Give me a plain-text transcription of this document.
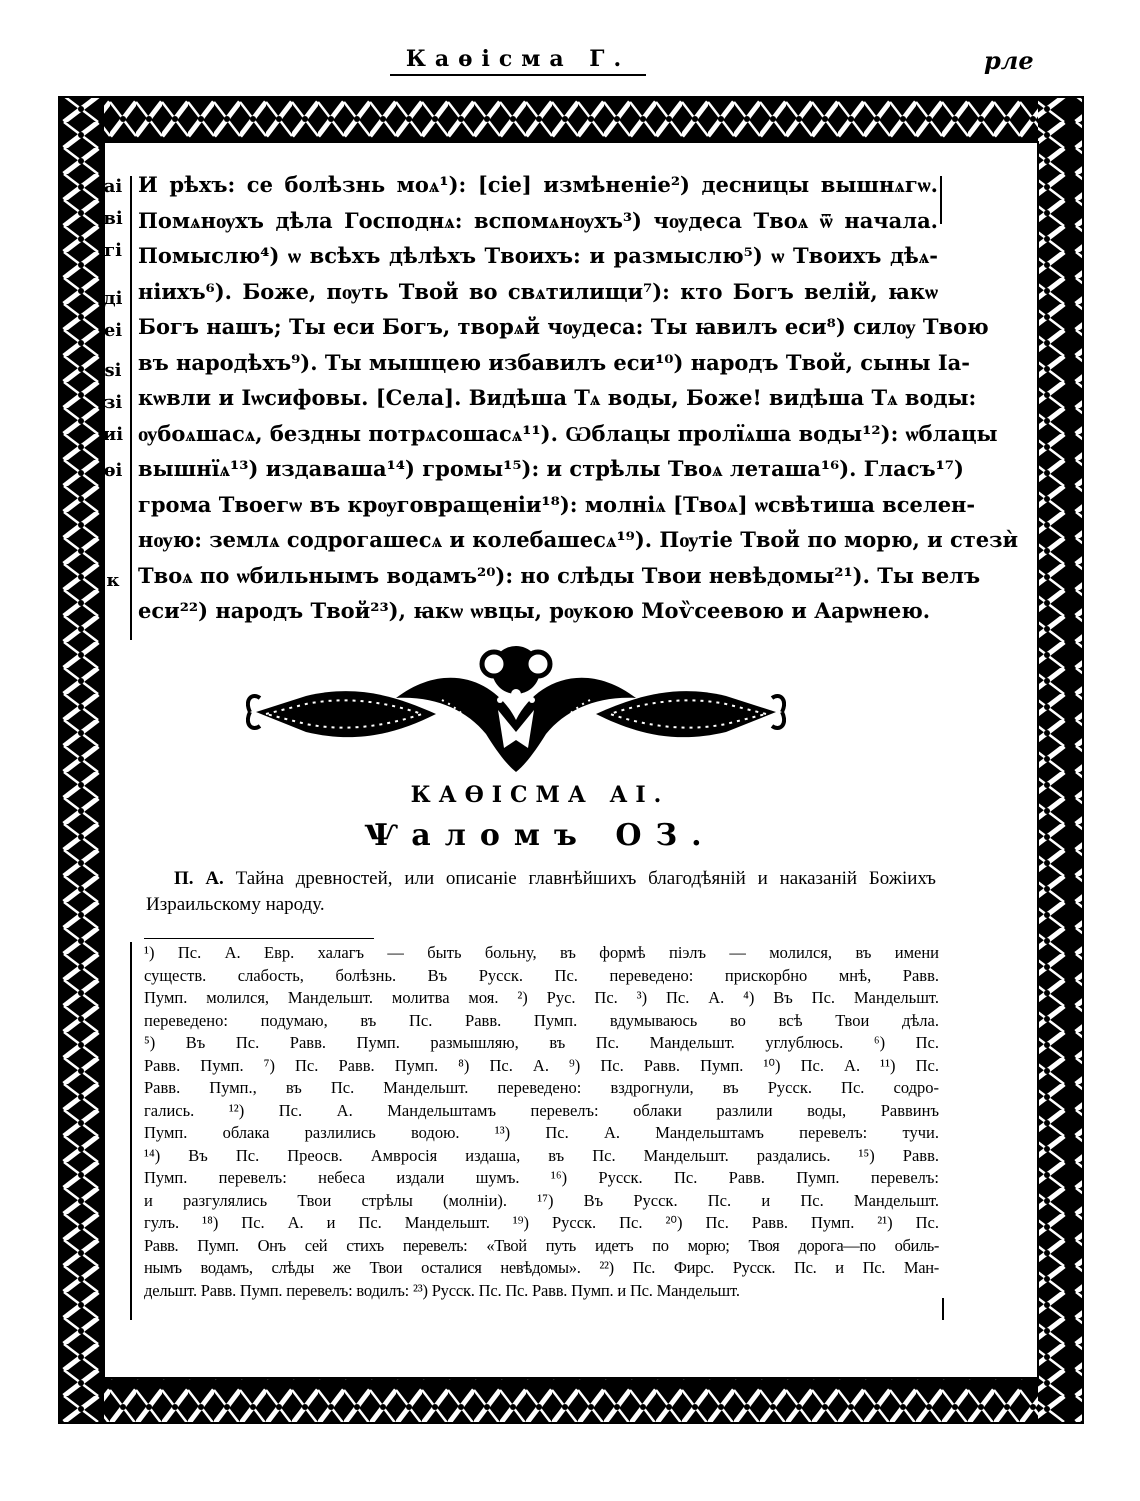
Каѳісма Г.	рле
аі
ві
гі
ді
еі
ѕі
зі
иі
ѳі
к
И рѣхъ: се болѣзнь моѧ¹): [сіе] измѣненіе²) десницы вышнѧгѡ.
Помѧнѹхъ дѣла Господнѧ: вспомѧнѹхъ³) чѹдеса Твоѧ ѿ начала.
Помыслю⁴) ѡ всѣхъ дѣлѣхъ Твоихъ: и размыслю⁵) ѡ Твоихъ дѣѧ-
ніихъ⁶). Боже, пѹть Твой во свѧтилищи⁷): кто Богъ велій, ꙗкѡ
Богъ нашъ; Ты еси Богъ, творѧй чѹдеса: Ты ꙗвилъ еси⁸) силѹ Твою
въ народѣхъ⁹). Ты мышцею избавилъ еси¹⁰) народъ Твой, сыны Іа-
кѡвли и Іѡсифовы. [Села]. Видѣша Тѧ воды, Боже! видѣша Тѧ воды:
ѹбоѧшасѧ, бездны потрѧсошасѧ¹¹). Ѡблацы пролїѧша воды¹²): ѡблацы
вышнїѧ¹³) издаваша¹⁴) громы¹⁵): и стрѣлы Твоѧ леташа¹⁶). Гласъ¹⁷)
грома Твоегѡ въ крѹговращеніи¹⁸): молніѧ [Твоѧ] ѡсвѣтиша вселен-
нѹю: землѧ содрогашесѧ и колебашесѧ¹⁹). Пѹтіе Твой по морю, и стезѝ
Твоѧ по ѡбильнымъ водамъ²⁰): но слѣды Твои невѣдомы²¹). Ты велъ
еси²²) народъ Твой²³), ꙗкѡ ѡвцы, рѹкою Моѷсеевою и Аарѡнею.
КАѲІСМА АІ.
Ѱаломъ ОЗ.
П. А. Тайна древностей, или описаніе главнѣйшихъ благодѣяній и наказаній Божіихъ Израильскому народу.
¹) Пс. А. Евр. халагъ — быть больну, въ формѣ піэлъ — молился, въ имени
существ. слабость, болѣзнь. Въ Русск. Пс. переведено: прискорбно мнѣ, Равв.
Пумп. молился, Мандельшт. молитва моя. ²) Рус. Пс. ³) Пс. А. ⁴) Въ Пс. Мандельшт.
переведено: подумаю, въ Пс. Равв. Пумп. вдумываюсь во всѣ Твои дѣла.
⁵) Въ Пс. Равв. Пумп. размышляю, въ Пс. Мандельшт. углублюсь. ⁶) Пс.
Равв. Пумп. ⁷) Пс. Равв. Пумп. ⁸) Пс. А. ⁹) Пс. Равв. Пумп. ¹⁰) Пс. А. ¹¹) Пс.
Равв. Пумп., въ Пс. Мандельшт. переведено: вздрогнули, въ Русск. Пс. содро-
гались. ¹²) Пс. А. Мандельштамъ перевелъ: облаки разлили воды, Раввинъ
Пумп. облака разлились водою. ¹³) Пс. А. Мандельштамъ перевелъ: тучи.
¹⁴) Въ Пс. Преосв. Амвросія издаша, въ Пс. Мандельшт. раздались. ¹⁵) Равв.
Пумп. перевелъ: небеса издали шумъ. ¹⁶) Русск. Пс. Равв. Пумп. перевелъ:
и разгулялись Твои стрѣлы (молніи). ¹⁷) Въ Русск. Пс. и Пс. Мандельшт.
гулъ. ¹⁸) Пс. А. и Пс. Мандельшт. ¹⁹) Русск. Пс. ²⁰) Пс. Равв. Пумп. ²¹) Пс.
Равв. Пумп. Онъ сей стихъ перевелъ: «Твой путь идетъ по морю; Твоя дорога—по обиль-
нымъ водамъ, слѣды же Твои осталися невѣдомы». ²²) Пс. Фирс. Русск. Пс. и Пс. Ман-
дельшт. Равв. Пумп. перевелъ: водилъ: ²³) Русск. Пс. Пс. Равв. Пумп. и Пс. Мандельшт.
